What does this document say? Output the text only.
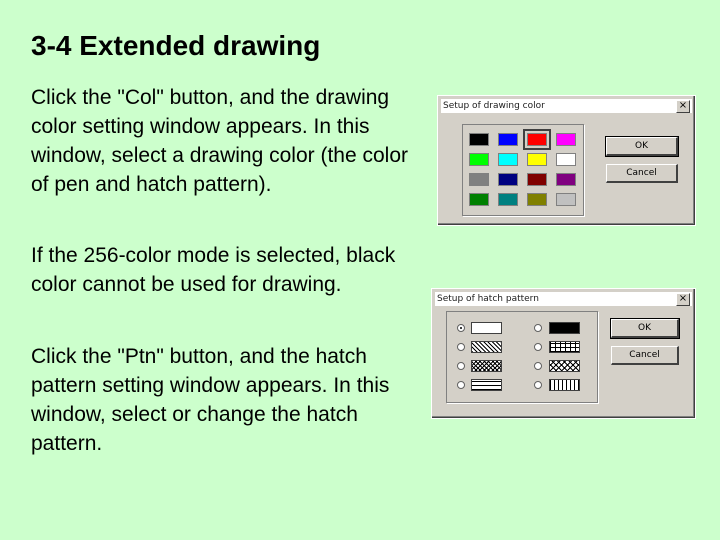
3-4 Extended drawing

Click the "Col" button, and the drawing color setting window appears. In this window, select a drawing color (the color of pen and hatch pattern).

If the 256-color mode is selected, black color cannot be used for drawing.

Click the "Ptn" button, and the hatch pattern setting window appears. In this window, select or change the hatch pattern.

Setup of drawing color	×
OK
Cancel
Setup of hatch pattern	×
OK
Cancel
